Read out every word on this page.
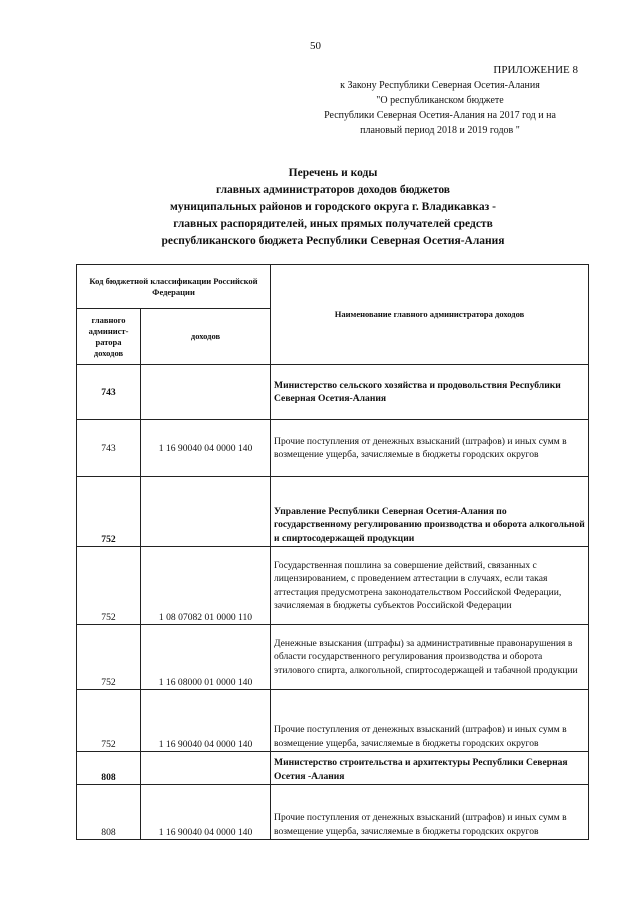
50
ПРИЛОЖЕНИЕ 8
к Закону Республики Северная Осетия-Алания
"О республиканском бюджете
Республики Северная Осетия-Алания на 2017 год и на
плановый период 2018 и 2019 годов "
Перечень и коды
главных администраторов доходов бюджетов
муниципальных районов и городского округа г. Владикавказ -
главных распорядителей, иных прямых получателей средств
республиканского бюджета Республики Северная Осетия-Алания
Код бюджетной классификации Российской Федерации		Наименование главного администратора доходов
главного админист-ратора доходов	доходов	
743		Министерство сельского хозяйства и продовольствия Республики Северная Осетия-Алания
743	1 16 90040 04 0000 140	Прочие поступления от денежных взысканий (штрафов) и иных сумм в возмещение ущерба, зачисляемые в бюджеты городских округов
752		Управление Республики Северная Осетия-Алания по государственному регулированию производства и оборота алкогольной и спиртосодержащей продукции
752	1 08 07082 01 0000 110	Государственная пошлина за совершение действий, связанных с лицензированием, с проведением аттестации в случаях, если такая аттестация предусмотрена законодательством Российской Федерации, зачисляемая в бюджеты субъектов Российской Федерации
752	1 16 08000 01 0000 140	Денежные взыскания (штрафы) за административные правонарушения в области государственного регулирования производства и оборота этилового спирта, алкогольной, спиртосодержащей и табачной продукции
752	1 16 90040 04 0000 140	Прочие поступления от денежных взысканий (штрафов) и иных сумм в возмещение ущерба, зачисляемые в бюджеты городских округов
808		Министерство строительства и архитектуры Республики Северная Осетия -Алания
808	1 16 90040 04 0000 140	Прочие поступления от денежных взысканий (штрафов) и иных сумм в возмещение ущерба, зачисляемые в бюджеты городских округов
